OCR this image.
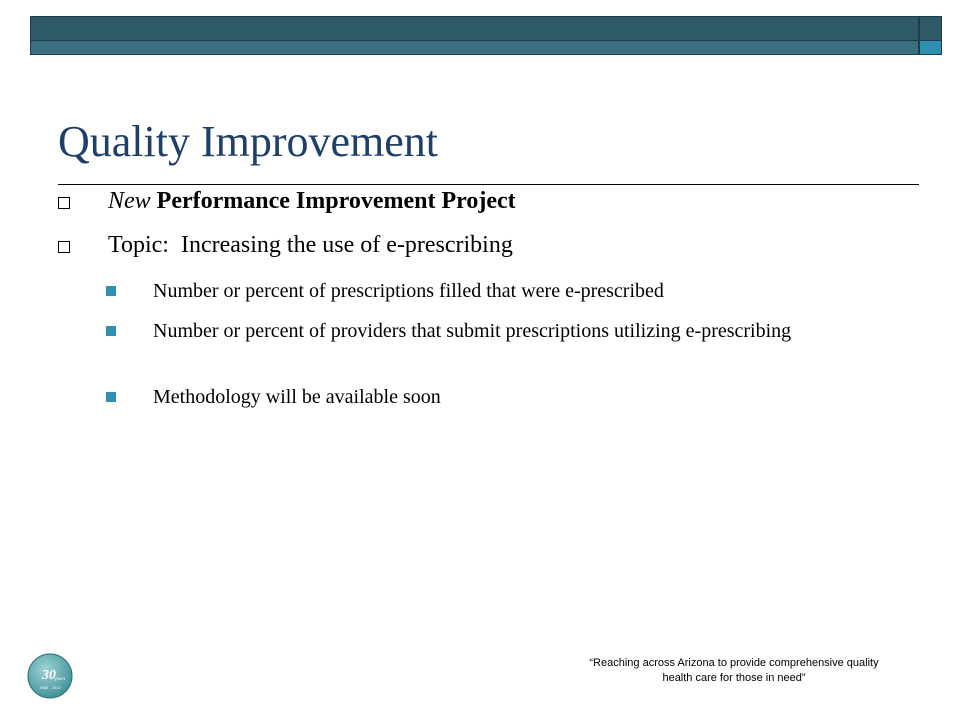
Quality Improvement
New Performance Improvement Project
Topic:  Increasing the use of e-prescribing
Number or percent of prescriptions filled that were e-prescribed
Number or percent of providers that submit prescriptions utilizing e-prescribing
Methodology will be available soon
30
years
1982 - 2012
“Reaching across Arizona to provide comprehensive quality
health care for those in need”
